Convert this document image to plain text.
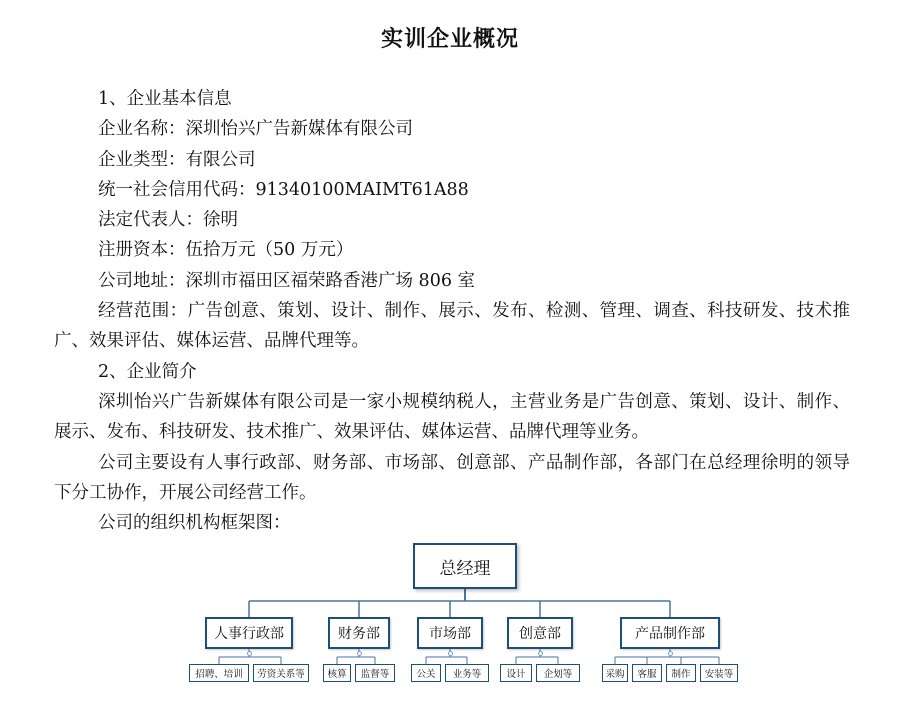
实训企业概况

1、企业基本信息

企业名称：深圳怡兴广告新媒体有限公司

企业类型：有限公司

统一社会信用代码：91340100MAIMT61A88

法定代表人：徐明

注册资本：伍拾万元（50 万元）

公司地址：深圳市福田区福荣路香港广场 806 室

经营范围：广告创意、策划、设计、制作、展示、发布、检测、管理、调查、科技研发、技术推广、效果评估、媒体运营、品牌代理等。

2、企业简介

深圳怡兴广告新媒体有限公司是一家小规模纳税人，主营业务是广告创意、策划、设计、制作、展示、发布、科技研发、技术推广、效果评估、媒体运营、品牌代理等业务。

公司主要设有人事行政部、财务部、市场部、创意部、产品制作部，各部门在总经理徐明的领导下分工协作，开展公司经营工作。

公司的组织机构框架图：

总经理
人事行政部
招聘、培训	劳资关系等
财务部
核算	监督等
市场部
公关	业务等
创意部
设计	企划等
产品制作部
采购	客服	制作	安装等
